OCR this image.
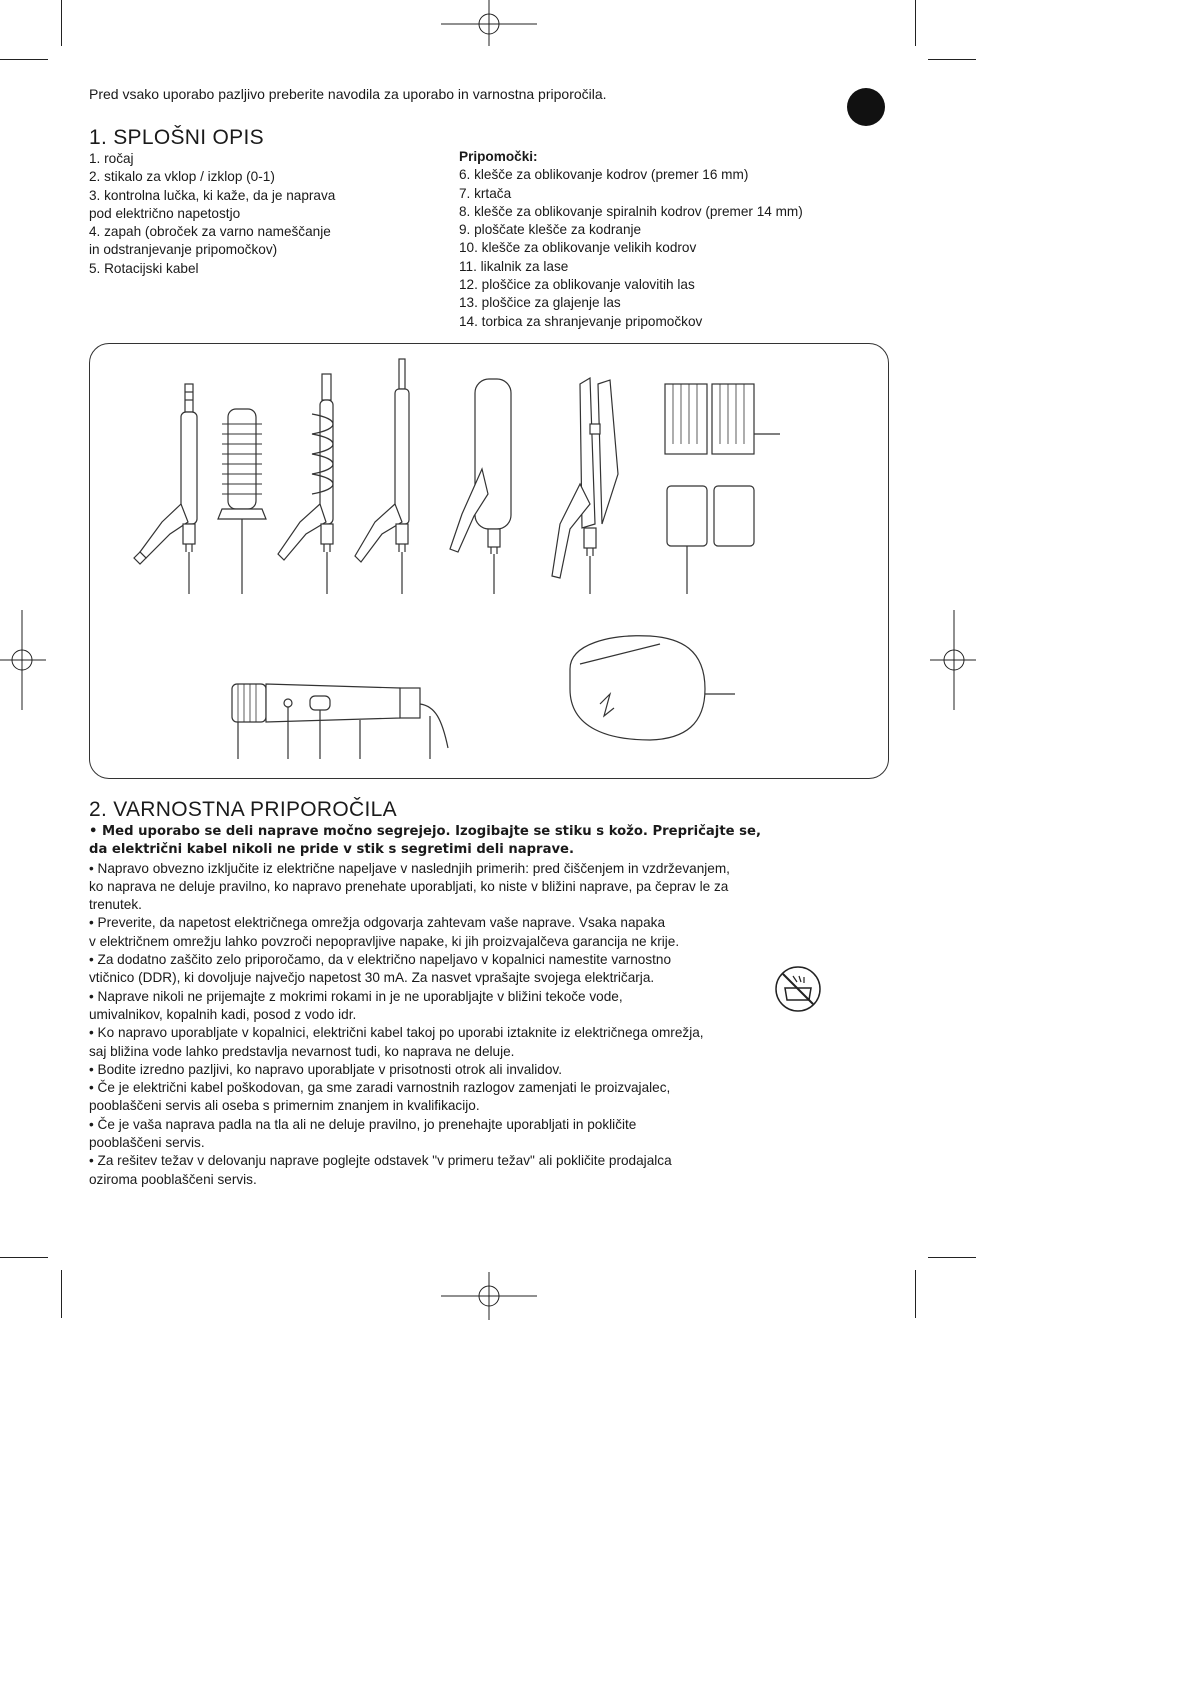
Pred vsako uporabo pazljivo preberite navodila za uporabo in varnostna priporočila.
1. SPLOŠNI OPIS
1. ročaj
2. stikalo za vklop / izklop (0-1)
3. kontrolna lučka, ki kaže, da je naprava
pod električno napetostjo
4. zapah (obroček za varno nameščanje
in odstranjevanje pripomočkov)
5. Rotacijski kabel
Pripomočki:
6. klešče za oblikovanje kodrov (premer 16 mm)
7. krtača
8. klešče za oblikovanje spiralnih kodrov (premer 14 mm)
9. ploščate klešče za kodranje
10. klešče za oblikovanje velikih kodrov
11. likalnik za lase
12. ploščice za oblikovanje valovitih las
13. ploščice za glajenje las
14. torbica za shranjevanje pripomočkov
2. VARNOSTNA PRIPOROČILA

• Med uporabo se deli naprave močno segrejejo. Izogibajte se stiku s kožo. Prepričajte se,

da električni kabel nikoli ne pride v stik s segretimi deli naprave.

• Napravo obvezno izključite iz električne napeljave v naslednjih primerih: pred čiščenjem in vzdrževanjem,

ko naprava ne deluje pravilno, ko napravo prenehate uporabljati, ko niste v bližini naprave, pa čeprav le za

trenutek.

• Preverite, da napetost električnega omrežja odgovarja zahtevam vaše naprave. Vsaka napaka

v električnem omrežju lahko povzroči nepopravljive napake, ki jih proizvajalčeva garancija ne krije.

• Za dodatno zaščito zelo priporočamo, da v električno napeljavo v kopalnici namestite varnostno

vtičnico (DDR), ki dovoljuje največjo napetost 30 mA. Za nasvet vprašajte svojega električarja.

• Naprave nikoli ne prijemajte z mokrimi rokami in je ne uporabljajte v bližini tekoče vode,

umivalnikov, kopalnih kadi, posod z vodo idr.

• Ko napravo uporabljate v kopalnici, električni kabel takoj po uporabi iztaknite iz električnega omrežja,

saj bližina vode lahko predstavlja nevarnost tudi, ko naprava ne deluje.

• Bodite izredno pazljivi, ko napravo uporabljate v prisotnosti otrok ali invalidov.

• Če je električni kabel poškodovan, ga sme zaradi varnostnih razlogov zamenjati le proizvajalec,

pooblaščeni servis ali oseba s primernim znanjem in kvalifikacijo.

• Če je vaša naprava padla na tla ali ne deluje pravilno, jo prenehajte uporabljati in pokličite

pooblaščeni servis.

• Za rešitev težav v delovanju naprave poglejte odstavek "v primeru težav" ali pokličite prodajalca

oziroma pooblaščeni servis.
